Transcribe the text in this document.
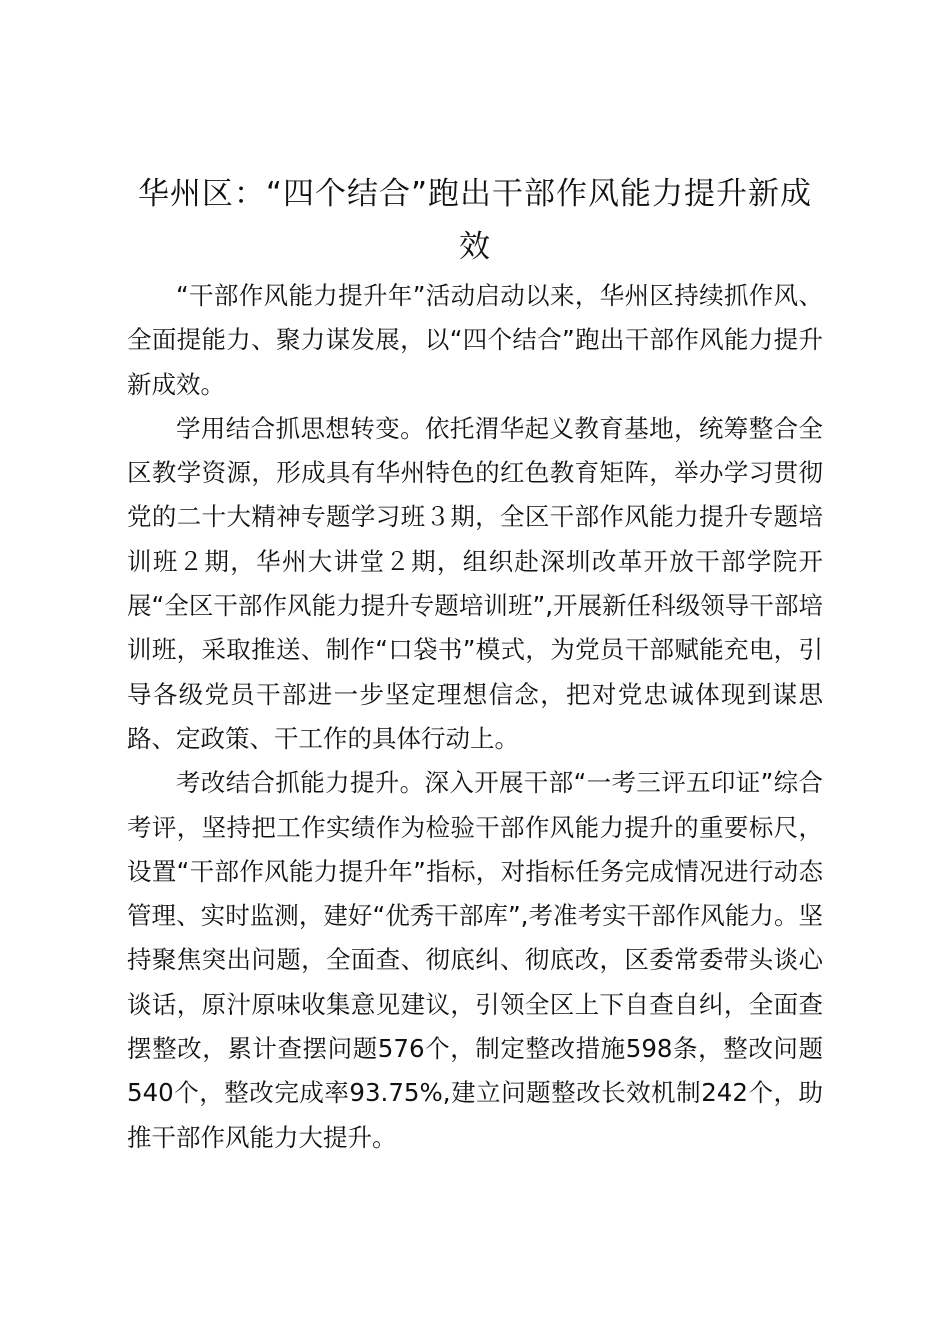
华州区：“四个结合”跑出干部作风能力提升新成效

“干部作风能力提升年”活动启动以来，华州区持续抓作风、全面提能力、聚力谋发展，以“四个结合”跑出干部作风能力提升新成效。

学用结合抓思想转变。依托渭华起义教育基地，统筹整合全区教学资源，形成具有华州特色的红色教育矩阵，举办学习贯彻党的二十大精神专题学习班３期，全区干部作风能力提升专题培训班２期，华州大讲堂２期，组织赴深圳改革开放干部学院开展“全区干部作风能力提升专题培训班”,开展新任科级领导干部培训班，采取推送、制作“口袋书”模式，为党员干部赋能充电，引导各级党员干部进一步坚定理想信念，把对党忠诚体现到谋思路、定政策、干工作的具体行动上。

考改结合抓能力提升。深入开展干部“一考三评五印证”综合考评，坚持把工作实绩作为检验干部作风能力提升的重要标尺，设置“干部作风能力提升年”指标，对指标任务完成情况进行动态管理、实时监测，建好“优秀干部库”,考准考实干部作风能力。坚持聚焦突出问题，全面查、彻底纠、彻底改，区委常委带头谈心谈话，原汁原味收集意见建议，引领全区上下自查自纠，全面查摆整改，累计查摆问题576个，制定整改措施598条，整改问题540个，整改完成率93.75%,建立问题整改长效机制242个，助推干部作风能力大提升。
